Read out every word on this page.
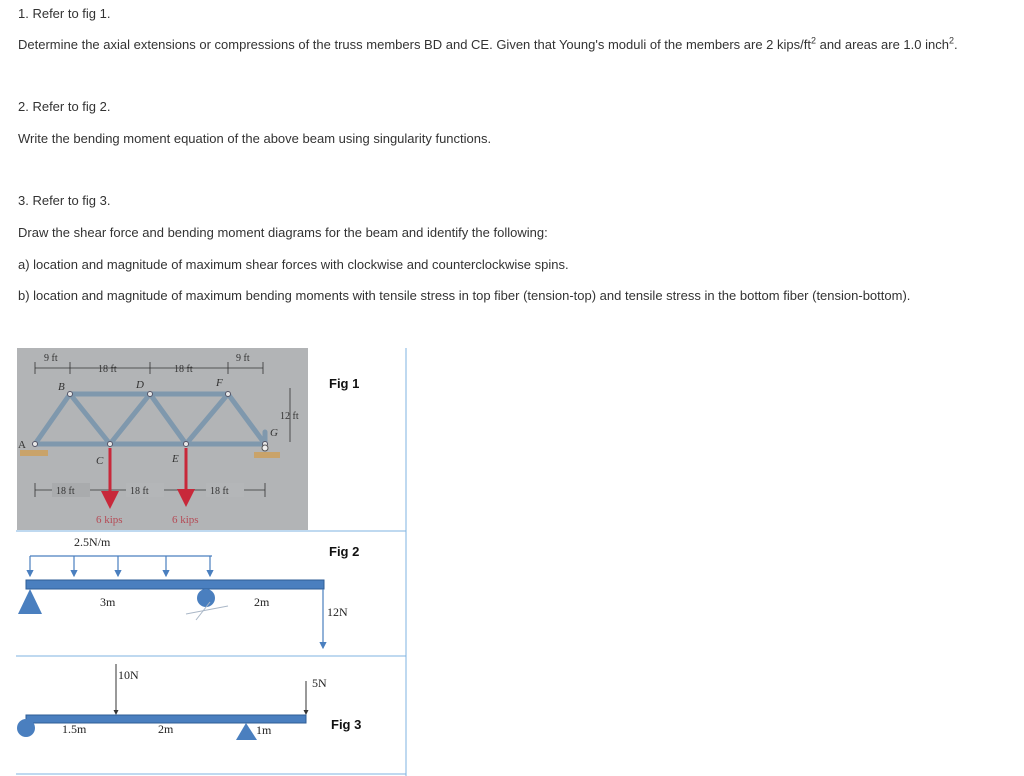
1. Refer to fig 1.
Determine the axial extensions or compressions of the truss members BD and CE. Given that Young's moduli of the members are 2 kips/$ft^2$ and areas are 1.0 inch$^2$.
2. Refer to fig 2.
Write the bending moment equation of the above beam using singularity functions.
3. Refer to fig 3.
Draw the shear force and bending moment diagrams for the beam and identify the following:
a) location and magnitude of maximum shear forces with clockwise and counterclockwise spins.
b) location and magnitude of maximum bending moments with tensile stress in top fiber (tension-top) and tensile stress in the bottom fiber (tension-bottom).
A
B
C
D
E
F
G
9 ft
18 ft	18 ft
9 ft
12 ft
18 ft	18 ft	18 ft
6 kips	6 kips
Fig 1
2.5N/m
3m	2m
12N
Fig 2
10N
5N
1.5m	2m	1m	Fig 3
